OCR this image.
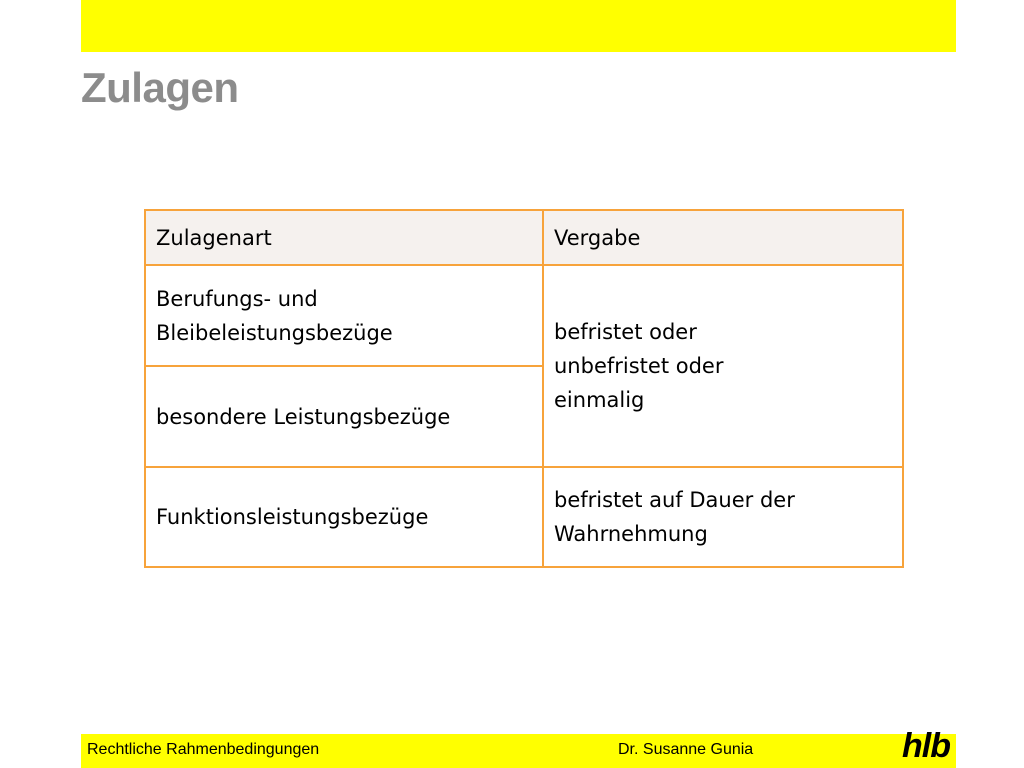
Zulagen
Zulagenart	Vergabe

Berufungs- und
Bleibeleistungsbezüge	befristet oder
unbefristet oder
einmalig

besondere Leistungsbezüge	

Funktionsleistungsbezüge	befristet auf Dauer der
Wahrnehmung
Rechtliche Rahmenbedingungen	Dr. Susanne Gunia	hlb
